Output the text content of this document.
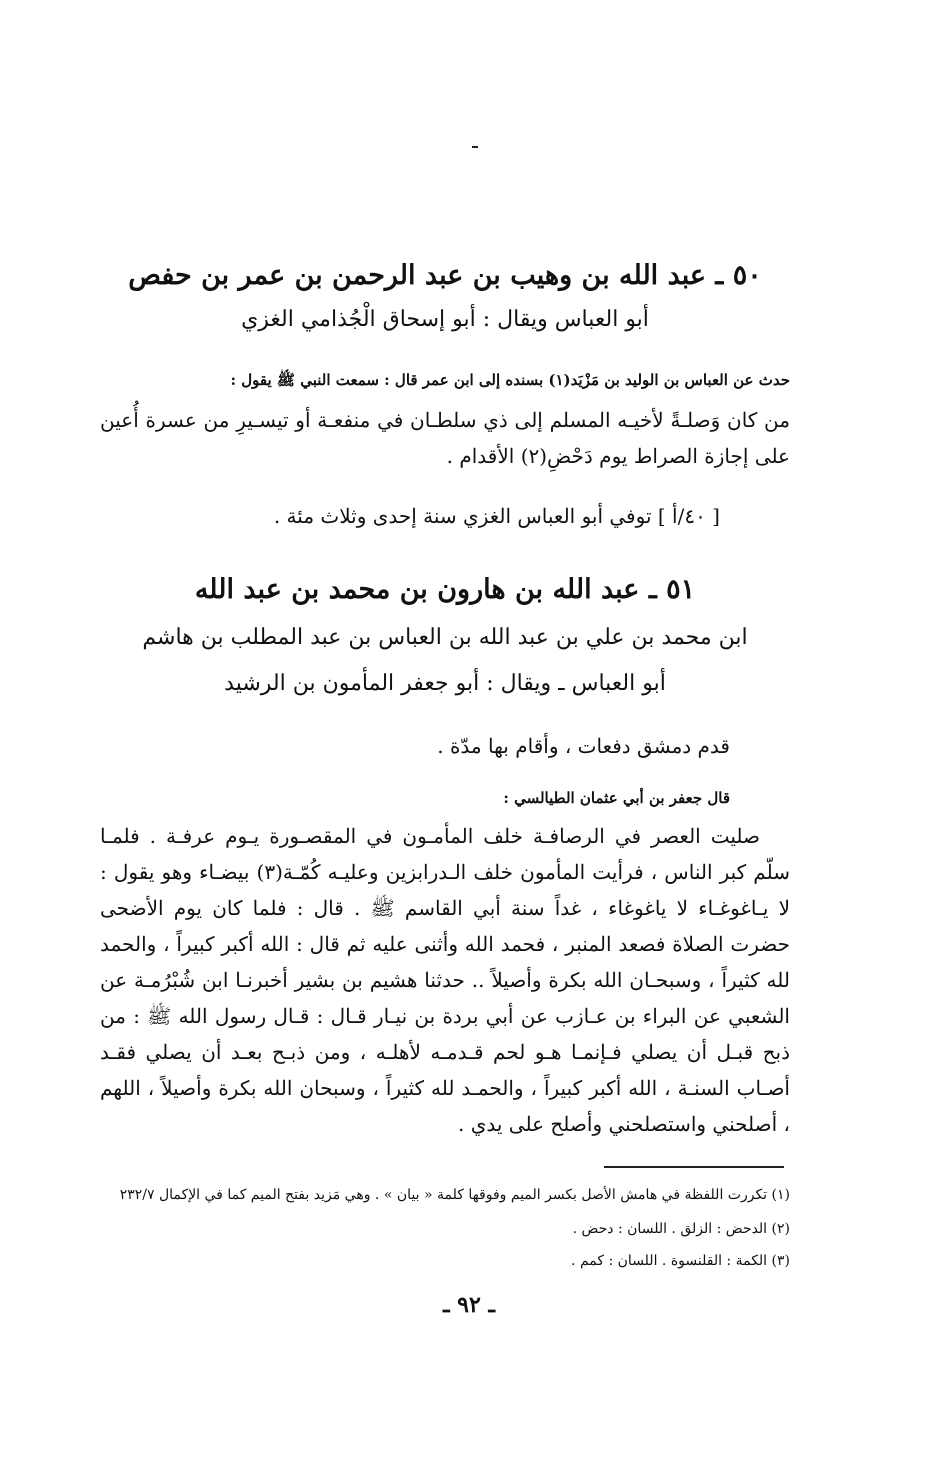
٥٠ ـ عبد الله بن وهيب بن عبد الرحمن بن عمر بن حفص
أبو العباس ويقال : أبو إسحاق الْجُذامي الغزي
حدث عن العباس بن الوليد بن مَزْيَد(١) بسنده إلى ابن عمر قال : سمعت النبي ﷺ يقول :
من كان وَصلـةً لأخيـه المسلم إلى ذي سلطـان في منفعـة أو تيسـيرِ من عسرة أُعين على إجازة الصراط يوم دَحْضِ(٢) الأقدام .
[ ٤٠/أ ] توفي أبو العباس الغزي سنة إحدى وثلاث مئة .
٥١ ـ عبد الله بن هارون بن محمد بن عبد الله
ابن محمد بن علي بن عبد الله بن العباس بن عبد المطلب بن هاشم
أبو العباس ـ ويقال : أبو جعفر المأمون بن الرشيد
قدم دمشق دفعات ، وأقام بها مدّة .
قال جعفر بن أبي عثمان الطيالسي :
صليت العصر في الرصافـة خلف المأمـون في المقصـورة يـوم عرفـة . فلمـا سلّم كبر الناس ، فرأيت المأمون خلف الـدرابزين وعليـه كُمّـة(٣) بيضـاء وهو يقول : لا يـاغوغـاء لا ياغوغاء ، غداً سنة أبي القاسم ﷺ . قال : فلما كان يوم الأضحى حضرت الصلاة فصعد المنبر ، فحمد الله وأثنى عليه ثم قال : الله أكبر كبيراً ، والحمد لله كثيراً ، وسبحـان الله بكرة وأصيلاً .. حدثنا هشيم بن بشير أخبرنـا ابن شُبْرُمـة عن الشعبي عن البراء بن عـازب عن أبي بردة بن نيـار قـال : قـال رسول الله ﷺ : من ذبح قبـل أن يصلي فـإنمـا هـو لحم قـدمـه لأهلـه ، ومن ذبـح بعـد أن يصلي فقـد أصـاب السنـة ، الله أكبر كبيراً ، والحمـد لله كثيراً ، وسبحان الله بكرة وأصيلاً ، اللهم ، أصلحني واستصلحني وأصلح على يدي .
(١) تكررت اللفظة في هامش الأصل بكسر الميم وفوقها كلمة « بيان » . وهي مَزيد بفتح الميم كما في الإكمال ٢٣٢/٧
(٢) الدحض : الزلق . اللسان : دحض .
(٣) الكمة : القلنسوة . اللسان : كمم .
ـ ٩٢ ـ
